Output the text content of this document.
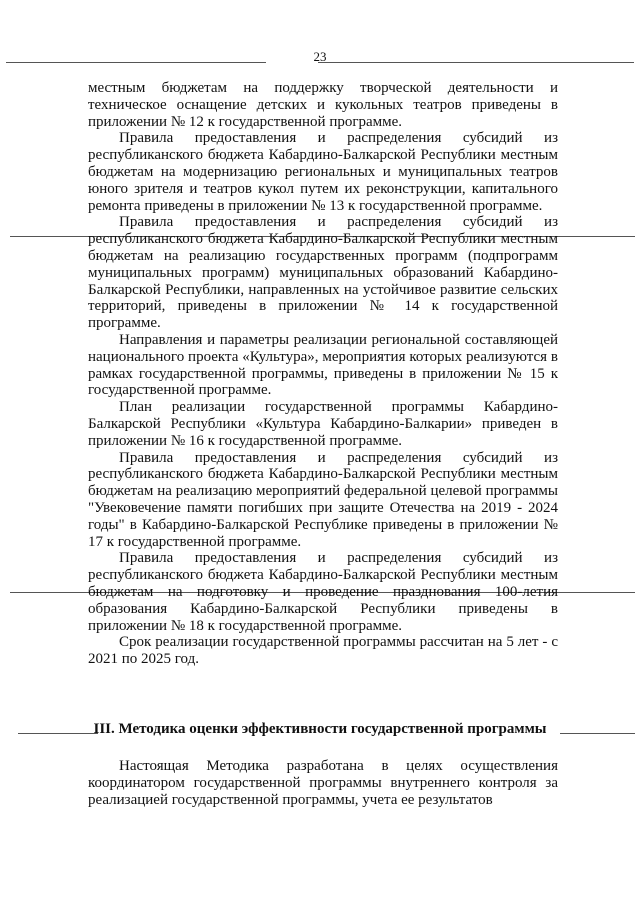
23

местным бюджетам на поддержку творческой деятельности и техническое оснащение детских и кукольных театров приведены в приложении № 12 к государственной программе.

Правила предоставления и распределения субсидий из республиканского бюджета Кабардино-Балкарской Республики местным бюджетам на модернизацию региональных и муниципальных театров юного зрителя и театров кукол путем их реконструкции, капитального ремонта приведены в приложении № 13 к государственной программе.

Правила предоставления и распределения субсидий из республиканского бюджета Кабардино-Балкарской Республики местным бюджетам на реализацию государственных программ (подпрограмм муниципальных программ) муниципальных образований Кабардино-Балкарской Республики, направленных на устойчивое развитие сельских территорий, приведены в приложении № 14 к государственной программе.

Направления и параметры реализации региональной составляющей национального проекта «Культура», мероприятия которых реализуются в рамках государственной программы, приведены в приложении № 15 к государственной программе.

План реализации государственной программы Кабардино-Балкарской Республики «Культура Кабардино-Балкарии» приведен в приложении № 16 к государственной программе.

Правила предоставления и распределения субсидий из республиканского бюджета Кабардино-Балкарской Республики местным бюджетам на реализацию мероприятий федеральной целевой программы "Увековечение памяти погибших при защите Отечества на 2019 - 2024 годы" в Кабардино-Балкарской Республике приведены в приложении № 17 к государственной программе.

Правила предоставления и распределения субсидий из республиканского бюджета Кабардино-Балкарской Республики местным бюджетам на подготовку и проведение празднования 100-летия образования Кабардино-Балкарской Республики приведены в приложении № 18 к государственной программе.

Срок реализации государственной программы рассчитан на 5 лет - с 2021 по 2025 год.

III. Методика оценки эффективности государственной программы

Настоящая Методика разработана в целях осуществления координатором государственной программы внутреннего контроля за реализацией государственной программы, учета ее результатов
